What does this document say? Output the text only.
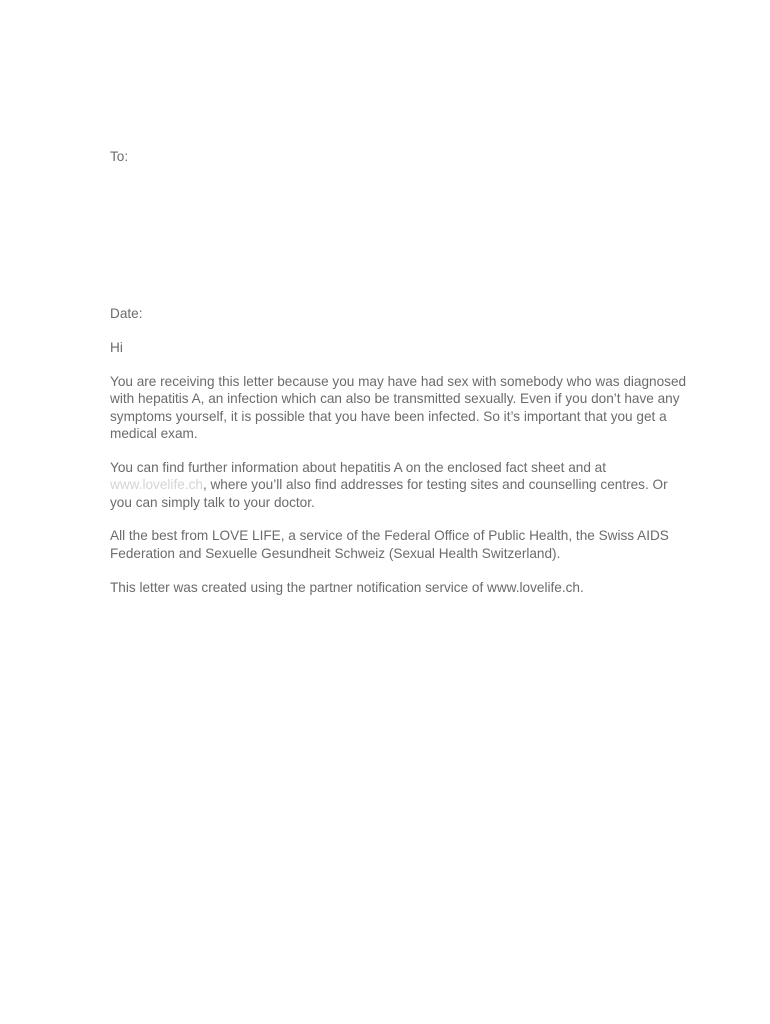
To:

Date:

Hi

You are receiving this letter because you may have had sex with somebody who was diagnosed with hepatitis A, an infection which can also be transmitted sexually. Even if you don’t have any symptoms yourself, it is possible that you have been infected. So it’s important that you get a medical exam.

You can find further information about hepatitis A on the enclosed fact sheet and at www.lovelife.ch, where you’ll also find addresses for testing sites and counselling centres. Or you can simply talk to your doctor.

All the best from LOVE LIFE, a service of the Federal Office of Public Health, the Swiss AIDS Federation and Sexuelle Gesundheit Schweiz (Sexual Health Switzerland).

This letter was created using the partner notification service of www.lovelife.ch.
